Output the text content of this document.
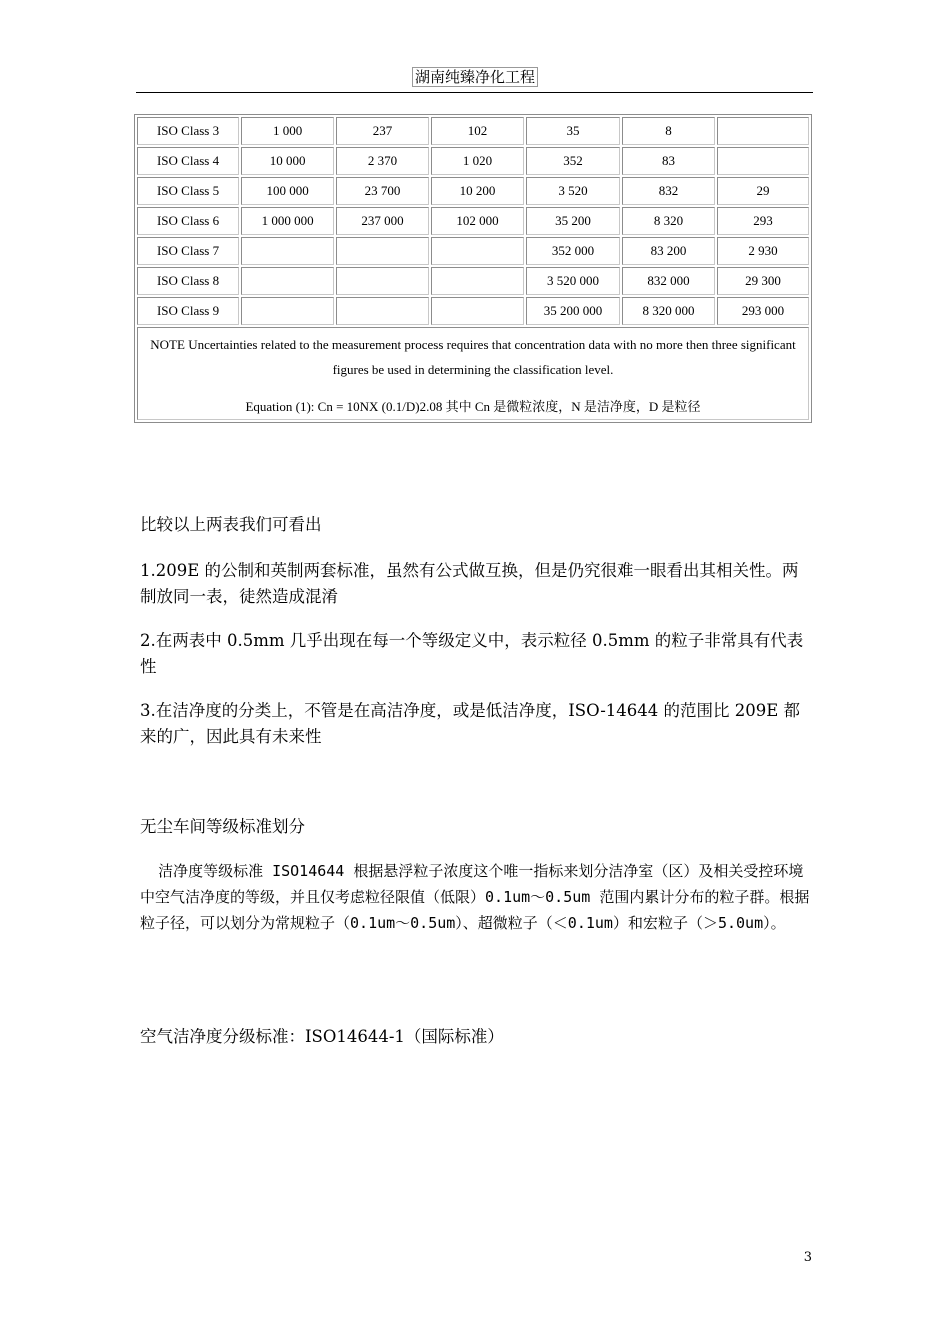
湖南纯臻净化工程
ISO Class 3	1 000	237	102	35	8	
ISO Class 4	10 000	2 370	1 020	352	83	
ISO Class 5	100 000	23 700	10 200	3 520	832	29
ISO Class 6	1 000 000	237 000	102 000	35 200	8 320	293
ISO Class 7				352 000	83 200	2 930
ISO Class 8				3 520 000	832 000	29 300
ISO Class 9				35 200 000	8 320 000	293 000
NOTE Uncertainties related to the measurement process requires that concentration data with no more then three significant figures be used in determining the classification level.
Equation (1): Cn = 10NX (0.1/D)2.08 其中 Cn 是微粒浓度，N 是洁净度，D 是粒径						
比较以上两表我们可看出
1.209E 的公制和英制两套标准，虽然有公式做互换，但是仍究很难一眼看出其相关性。两制放同一表，徒然造成混淆
2.在两表中 0.5mm 几乎出现在每一个等级定义中，表示粒径 0.5mm 的粒子非常具有代表性
3.在洁净度的分类上，不管是在高洁净度，或是低洁净度，ISO-14644 的范围比 209E 都来的广，因此具有未来性
无尘车间等级标准划分
洁净度等级标准 ISO14644 根据悬浮粒子浓度这个唯一指标来划分洁净室（区）及相关受控环境中空气洁净度的等级，并且仅考虑粒径限值（低限）0.1um～0.5um 范围内累计分布的粒子群。根据粒子径，可以划分为常规粒子（0.1um～0.5um）、超微粒子（＜0.1um）和宏粒子（＞5.0um）。
空气洁净度分级标准：ISO14644-1（国际标准）
3
